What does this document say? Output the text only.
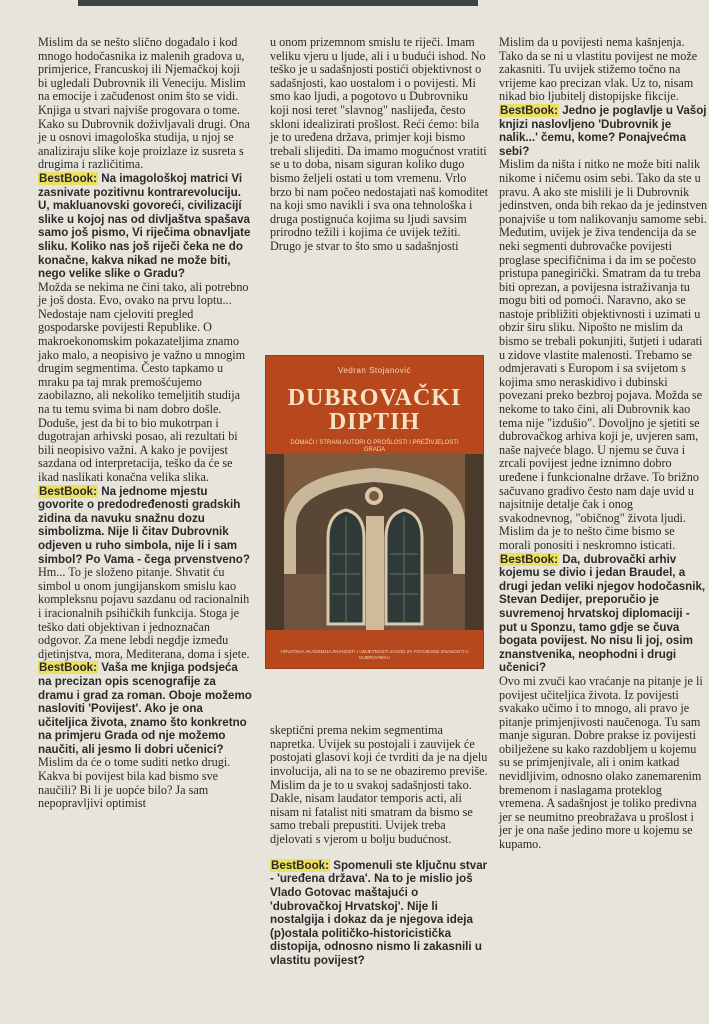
Mislim da se nešto slično događalo i kod mnogo hodočasnika iz malenih gradova u, primjerice, Francuskoj ili Njemačkoj koji bi ugledali Dubrovnik ili Veneciju. Mislim na emocije i začuđenost onim što se vidi. Knjiga u stvari najviše progovara o tome. Kako su Dubrovnik doživljavali drugi. Ona je u osnovi imagološka studija, u njoj se analiziraju slike koje proizlaze iz susreta s drugima i različitima.

BestBook: Na imagološkoj matrici Vi zasnivate pozitivnu kontrarevoluciju. U, makluanovski govoreći, civilizacijí slike u kojoj nas od divljaštva spašava samo još pismo, Vi riječima obnavljate sliku. Koliko nas još riječi čeka ne do konačne, kakva nikad ne može biti, nego velike slike o Gradu?

Možda se nekima ne čini tako, ali potrebno je još dosta. Evo, ovako na prvu loptu... Nedostaje nam cjeloviti pregled gospodarske povijesti Republike. O makroekonomskim pokazateljima znamo jako malo, a neopisivo je važno u mnogim drugim segmentima. Često tapkamo u mraku pa taj mrak premošćujemo zaobilazno, ali nekoliko temeljitih studija na tu temu svima bi nam dobro došle. Doduše, jest da bi to bio mukotrpan i dugotrajan arhivski posao, ali rezultati bi bili neopisivo važni. A kako je povijest sazdana od interpretacija, teško da će se ikad naslikati konačna velika slika.

BestBook: Na jednome mjestu govorite o predodređenosti gradskih zidina da navuku snažnu dozu simbolizma. Nije li čitav Dubrovnik odjeven u ruho simbola, nije li i sam simbol? Po Vama - čega prvenstveno?

Hm... To je složeno pitanje. Shvatit ću simbol u onom jungijanskom smislu kao kompleksnu pojavu sazdanu od racionalnih i iracionalnih psihičkih funkcija. Stoga je teško dati objektivan i jednoznačan odgovor. Za mene lebdi negdje između djetinjstva, mora, Mediterana, doma i sjete.

BestBook: Vaša me knjiga podsjeća na precizan opis scenografije za dramu i grad za roman. Oboje možemo nasloviti 'Povijest'. Ako je ona učiteljica života, znamo što konkretno na primjeru Grada od nje možemo naučiti, ali jesmo li dobri učenici?

Mislim da će o tome suditi netko drugi. Kakva bi povijest bila kad bismo sve naučili? Bi li je uopće bilo? Ja sam nepopravljivi optimist

u onom prizemnom smislu te riječi. Imam veliku vjeru u ljude, ali i u budući ishod. No teško je u sadašnjosti postići objektivnost o sadašnjosti, kao uostalom i o povijesti. Mi smo kao ljudi, a pogotovo u Dubrovniku koji nosi teret "slavnog" naslijeđa, često skloni idealizirati prošlost. Reći ćemo: bila je to uređena država, primjer koji bismo trebali slijediti. Da imamo mogućnost vratiti se u to doba, nisam siguran koliko dugo bismo željeli ostati u tom vremenu. Vrlo brzo bi nam počeo nedostajati naš komoditet na koji smo navikli i sva ona tehnološka i druga postignuća kojima su ljudi savsim prirodno težili i kojima će uvijek težiti. Drugo je stvar to što smo u sadašnjosti

Vedran Stojanović
DUBROVAČKI
DIPTIH
DOMAĆI I STRANI AUTORI O PROŠLOSTI I PREŽIVJELOSTI GRADA
HRVATSKA AKADEMIJA ZNANOSTI I UMJETNOSTI ZAVOD ZA POVIJESNE ZNANOSTI U DUBROVNIKU

skeptični prema nekim segmentima napretka. Uvijek su postojali i zauvijek će postojati glasovi koji će tvrditi da je na djelu involucija, ali na to se ne obaziremo previše. Mislim da je to u svakoj sadašnjosti tako. Dakle, nisam laudator temporis acti, ali nisam ni fatalist niti smatram da bismo se samo trebali prepustiti. Uvijek treba djelovati s vjerom u bolju budućnost.

BestBook: Spomenuli ste ključnu stvar - 'uređena država'. Na to je mislio još Vlado Gotovac maštajući o 'dubrovačkoj Hrvatskoj'. Nije li nostalgija i dokaz da je njegova ideja (p)ostala političko-historicistička distopija, odnosno nismo li zakasnili u vlastitu povijest?

Mislim da u povijesti nema kašnjenja. Tako da se ni u vlastitu povijest ne može zakasniti. Tu uvijek stižemo točno na vrijeme kao precizan vlak. Uz to, nisam nikad bio ljubitelj distopijske fikcije.

BestBook: Jedno je poglavlje u Vašoj knjizi naslovljeno 'Dubrovnik je nalik...' čemu, kome? Ponajvećma sebi?

Mislim da ništa i nitko ne može biti nalik nikome i ničemu osim sebi. Tako da ste u pravu. A ako ste mislili je li Dubrovnik jedinstven, onda bih rekao da je jedinstven ponajviše u tom nalikovanju samome sebi. Međutim, uvijek je živa tendencija da se neki segmenti dubrovačke povijesti proglase specifičnima i da im se počesto pristupa panegirički. Smatram da tu treba biti oprezan, a povijesna istraživanja tu mogu biti od pomoći. Naravno, ako se nastoje približiti objektivnosti i uzimati u obzir širu sliku. Nipošto ne mislim da bismo se trebali pokunjiti, šutjeti i udarati u zidove vlastite malenosti. Trebamo se odmjeravati s Europom i sa svijetom s kojima smo neraskidivo i dubinski povezani preko bezbroj pojava. Možda se nekome to tako čini, ali Dubrovnik kao tema nije "izdušio". Dovoljno je sjetiti se dubrovačkog arhiva koji je, uvjeren sam, naše najveće blago. U njemu se čuva i zrcali povijest jedne iznimno dobro uređene i funkcionalne države. To brižno sačuvano gradivo često nam daje uvid u najsitnije detalje čak i onog svakodnevnog, "običnog" života ljudi. Mislim da je to nešto čime bismo se morali ponositi i neskromno isticati.

BestBook: Da, dubrovački arhiv kojemu se divio i jedan Braudel, a drugi jedan veliki njegov hodočasnik, Stevan Dedijer, preporučio je suvremenoj hrvatskoj diplomaciji - put u Sponzu, tamo gdje se čuva bogata povijest. No nisu li joj, osim znanstvenika, neophodni i drugi učenici?

Ovo mi zvuči kao vraćanje na pitanje je li povijest učiteljica života. Iz povijesti svakako učimo i to mnogo, ali pravo je pitanje primjenjivosti naučenoga. Tu sam manje siguran. Dobre prakse iz povijesti obilježene su kako razdobljem u kojemu su se primjenjivale, ali i onim katkad nevidljivim, odnosno olako zanemarenim bremenom i naslagama proteklog vremena. A sadašnjost je toliko predivna jer se neumitno preobražava u prošlost i jer je ona naše jedino more u kojemu se kupamo.
